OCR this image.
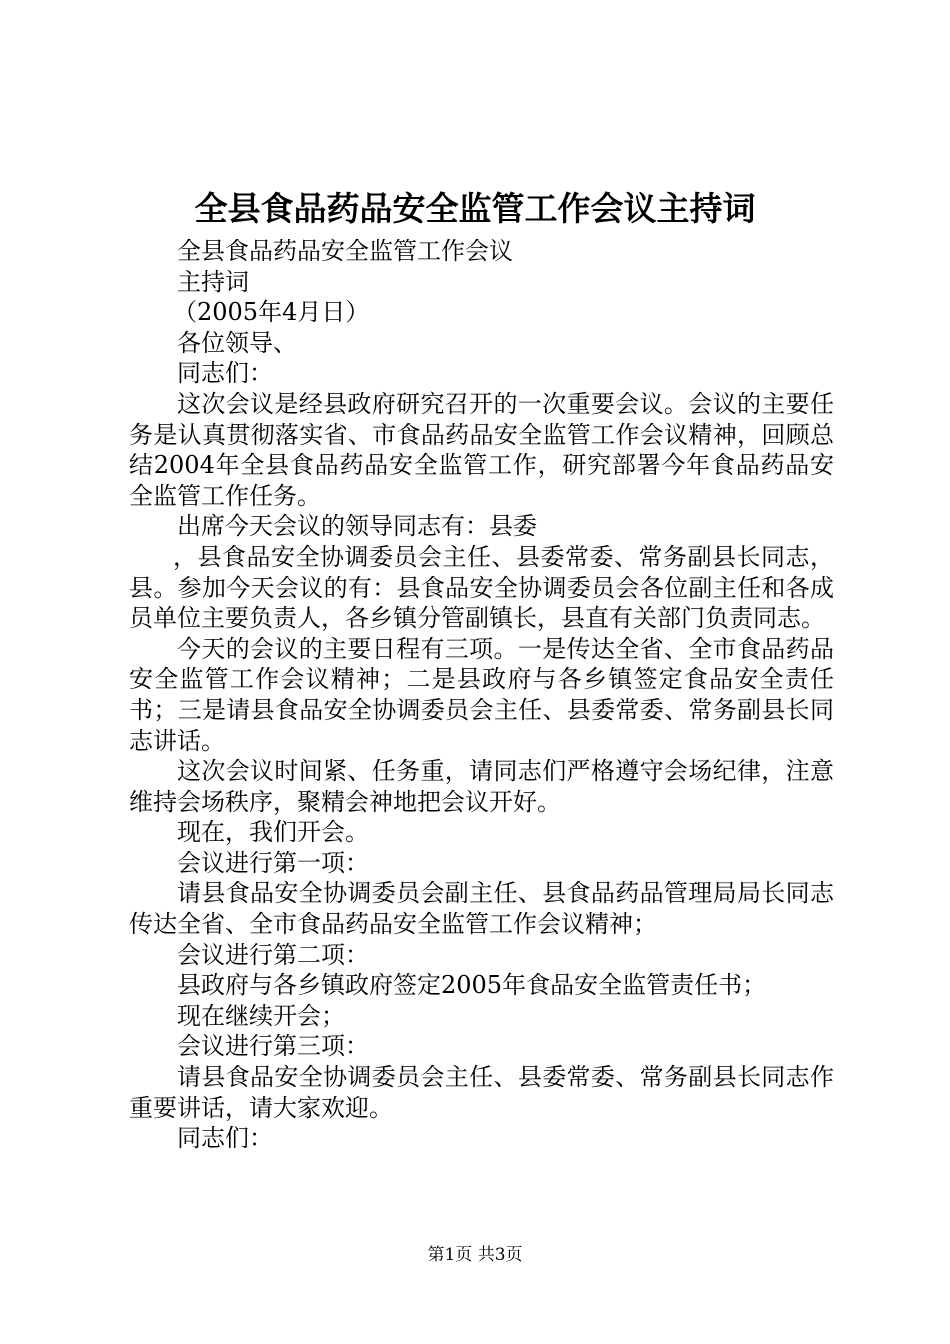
全县食品药品安全监管工作会议主持词

全县食品药品安全监管工作会议

主持词

（2005年4月日）

各位领导、

同志们：

这次会议是经县政府研究召开的一次重要会议。会议的主要任务是认真贯彻落实省、市食品药品安全监管工作会议精神，回顾总结2004年全县食品药品安全监管工作，研究部署今年食品药品安全监管工作任务。

出席今天会议的领导同志有：县委

，县食品安全协调委员会主任、县委常委、常务副县长同志，县。参加今天会议的有：县食品安全协调委员会各位副主任和各成员单位主要负责人，各乡镇分管副镇长，县直有关部门负责同志。

今天的会议的主要日程有三项。一是传达全省、全市食品药品安全监管工作会议精神；二是县政府与各乡镇签定食品安全责任书；三是请县食品安全协调委员会主任、县委常委、常务副县长同志讲话。

这次会议时间紧、任务重，请同志们严格遵守会场纪律，注意维持会场秩序，聚精会神地把会议开好。

现在，我们开会。

会议进行第一项：

请县食品安全协调委员会副主任、县食品药品管理局局长同志传达全省、全市食品药品安全监管工作会议精神；

会议进行第二项：

县政府与各乡镇政府签定2005年食品安全监管责任书；

现在继续开会；

会议进行第三项：

请县食品安全协调委员会主任、县委常委、常务副县长同志作重要讲话，请大家欢迎。

同志们：

第1页 共3页
